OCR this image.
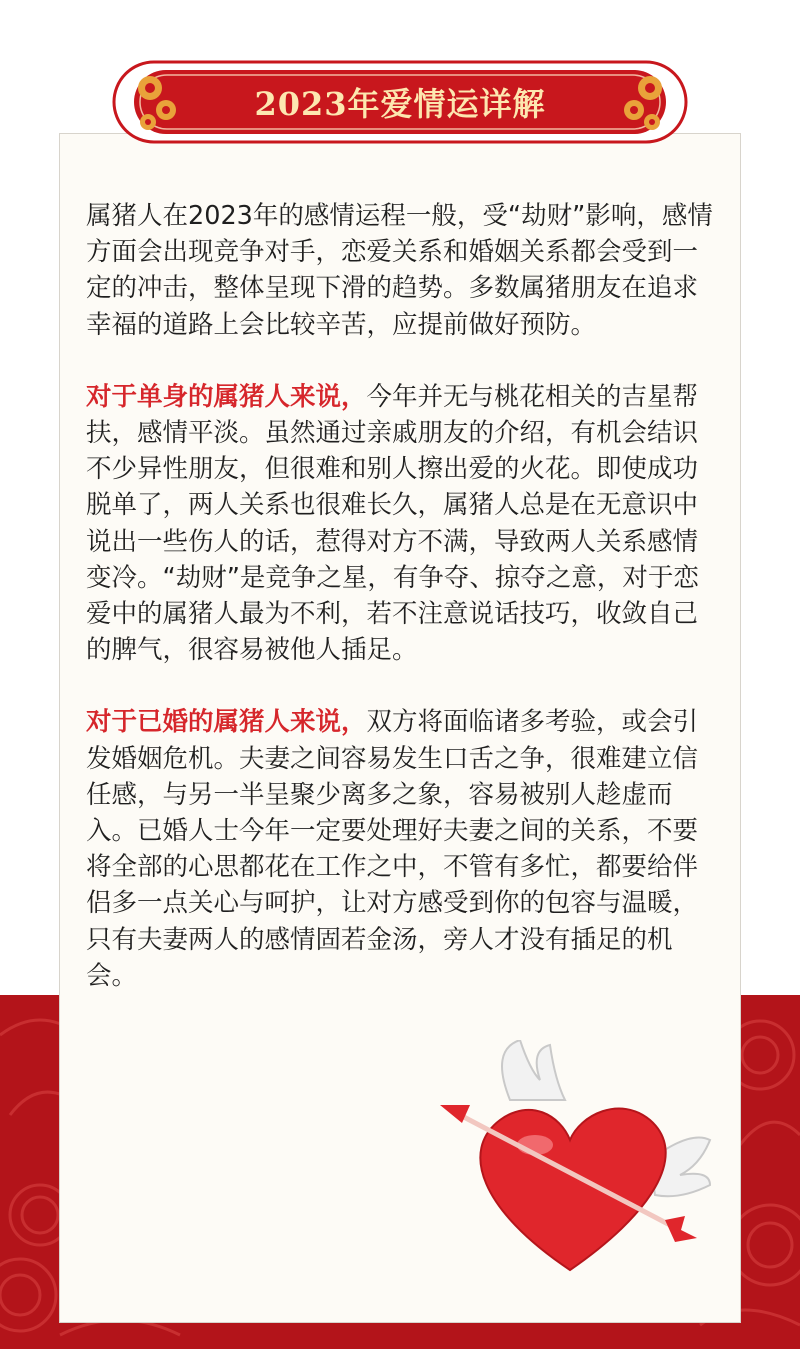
2023年爱情运详解

属猪人在2023年的感情运程一般，受“劫财”影响，感情方面会出现竞争对手，恋爱关系和婚姻关系都会受到一定的冲击，整体呈现下滑的趋势。多数属猪朋友在追求幸福的道路上会比较辛苦，应提前做好预防。

对于单身的属猪人来说，今年并无与桃花相关的吉星帮扶，感情平淡。虽然通过亲戚朋友的介绍，有机会结识不少异性朋友，但很难和别人擦出爱的火花。即使成功脱单了，两人关系也很难长久，属猪人总是在无意识中说出一些伤人的话，惹得对方不满，导致两人关系感情变冷。“劫财”是竞争之星，有争夺、掠夺之意，对于恋爱中的属猪人最为不利，若不注意说话技巧，收敛自己的脾气，很容易被他人插足。

对于已婚的属猪人来说，双方将面临诸多考验，或会引发婚姻危机。夫妻之间容易发生口舌之争，很难建立信任感，与另一半呈聚少离多之象，容易被别人趁虚而入。已婚人士今年一定要处理好夫妻之间的关系，不要将全部的心思都花在工作之中，不管有多忙，都要给伴侣多一点关心与呵护，让对方感受到你的包容与温暖，只有夫妻两人的感情固若金汤，旁人才没有插足的机会。
